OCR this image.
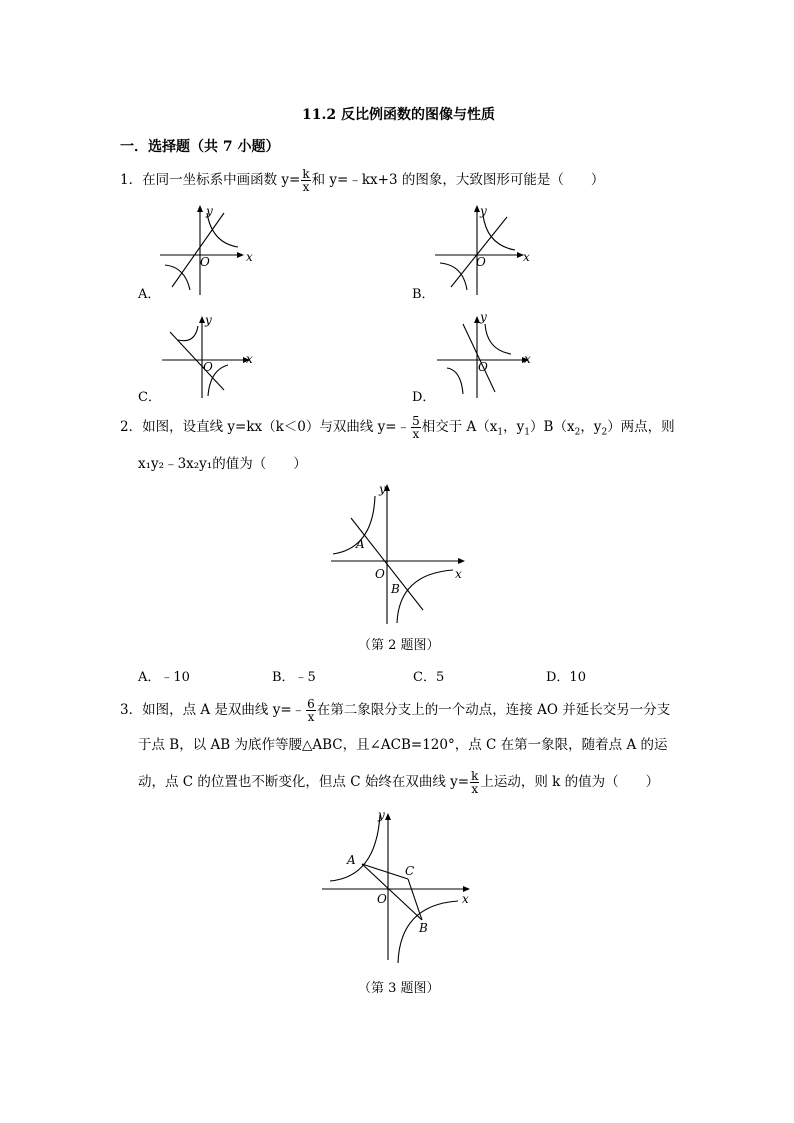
11.2 反比例函数的图像与性质
一．选择题（共 7 小题）
1．在同一坐标系中画函数 $y= \frac{k}{x}$ 和 y=﹣kx+3 的图象，大致图形可能是（　　）
y
x
O
A．
y
x
O
B．
y
x
O
C．
y
x
O
D．
2．如图，设直线 y=kx（k＜0）与双曲线 y=﹣ $\frac{5}{x}$ 相交于 $A(x_1$，$y_1)B(x_2$，$y_2$）两点，则
x₁y₂﹣3x₂y₁的值为（　　）
y
x
O
A
B
（第 2 题图）
A．﹣10	B．﹣5	C．5	D．10
3．如图，点 A 是双曲线 y=﹣ $\frac{6}{x}$ 在第二象限分支上的一个动点，连接 AO 并延长交另一分支
于点 B，以 AB 为底作等腰△ABC，且∠ACB=120°，点 C 在第一象限，随着点 A 的运
动，点 C 的位置也不断变化，但点 C 始终在双曲线 $y= \frac{k}{x}$ 上运动，则 k 的值为（　　）
y
x
O
A
C
B
（第 3 题图）
